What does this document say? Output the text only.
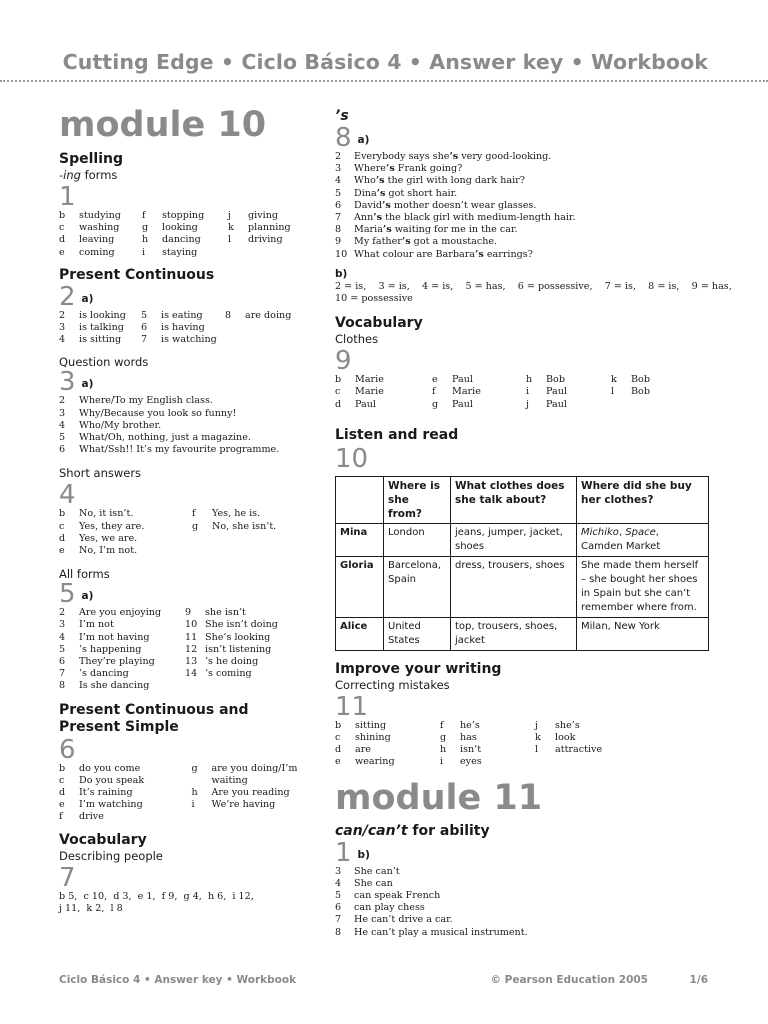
Cutting Edge • Ciclo Básico 4 • Answer key • Workbook
module 10
Spelling
-ing forms
1
b	studying
c	washing
d	leaving
e	coming
f	stopping
g	looking
h	dancing
i	staying
j	giving
k	planning
l	driving
Present Continuous
2 $^{a)}$
2	is looking
3	is talking
4	is sitting
5	is eating
6	is having
7	is watching
8	are doing
Question words
3 $^{a)}$
2	Where/To my English class.
3	Why/Because you look so funny!
4	Who/My brother.
5	What/Oh, nothing, just a magazine.
6	What/Ssh!! It’s my favourite programme.
Short answers
4
b	No, it isn’t.
c	Yes, they are.
d	Yes, we are.
e	No, I’m not.
f	Yes, he is.
g	No, she isn’t.
All forms
5 $^{a)}$
2	Are you enjoying
3	I’m not
4	I’m not having
5	’s happening
6	They’re playing
7	’s dancing
8	Is she dancing
9	she isn’t
10 She isn’t doing
11 She’s looking
12 isn’t listening
13 ’s he doing
14 ’s coming
Present Continuous and
Present Simple
6
b	do you come
c	Do you speak
d	It’s raining
e	I’m watching
f	drive
g	are you doing/I’m
waiting
h	Are you reading
i	We’re having
Vocabulary
Describing people
7
b 5,  c 10,  d 3,  e 1,  f 9,  g 4,  h 6,  i 12,
j 11,  k 2,  l 8
’s
8 $^{a)}$
2	Everybody says she ’s very good-looking.
3	Where ’s Frank going?
4	Who ’s the girl with long dark hair?
5	Dina ’s got short hair.
6	David ’s mother doesn’t wear glasses.
7	Ann ’s the black girl with medium-length hair.
8	Maria ’s waiting for me in the car.
9	My father ’s got a moustache.
10 What colour are Barbara ’s earrings?
b)
2 = is,    3 = is,    4 = is,    5 = has,    6 = possessive,    7 = is,    8 = is,    9 = has,
10 = possessive
Vocabulary
Clothes
9
b	Marie
c	Marie
d	Paul
e	Paul
f	Marie
g	Paul
h	Bob
i	Paul
j	Paul
k	Bob
l	Bob
Listen and read
10
	Where is she from?	What clothes does she talk about?	Where did she buy her clothes?
Mina	London	jeans, jumper, jacket, shoes	Michiko, Space,
Camden Market
Gloria	Barcelona, Spain	dress, trousers, shoes	She made them herself – she bought her shoes in Spain but she can’t remember where from.
Alice	United States	top, trousers, shoes, jacket	Milan, New York
Improve your writing
Correcting mistakes
11
b	sitting
c	shining
d	are
e	wearing
f	he’s
g	has
h	isn’t
i	eyes
j	she’s
k	look
l	attractive
module 11
can/can’t for ability
1 $^{b)}$
3	She can’t
4	She can
5	can speak French
6	can play chess
7	He can’t drive a car.
8	He can’t play a musical instrument.
Ciclo Básico 4 • Answer key • Workbook	© Pearson Education 2005	1/6
